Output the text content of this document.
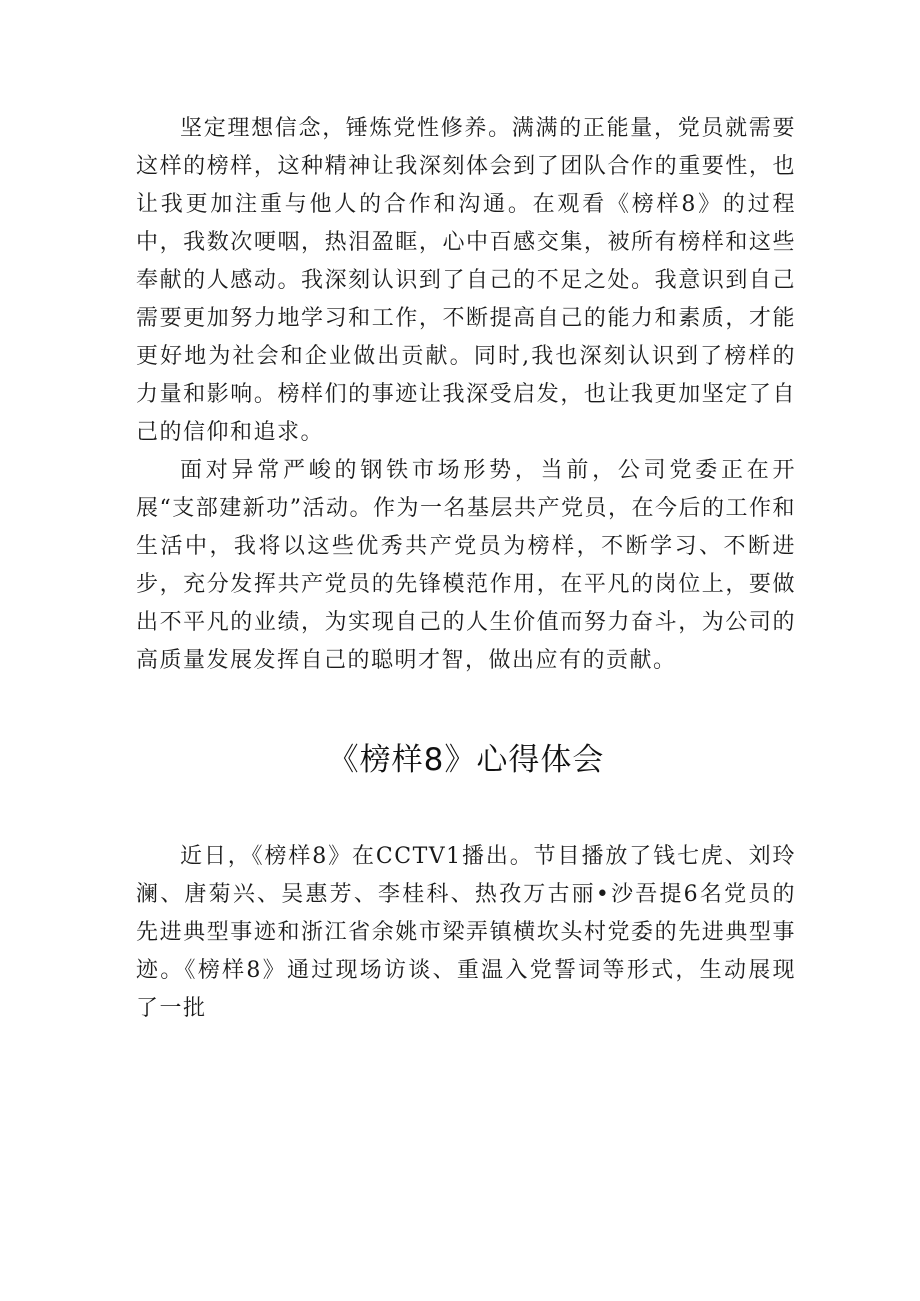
坚定理想信念，锤炼党性修养。满满的正能量，党员就需要这样的榜样，这种精神让我深刻体会到了团队合作的重要性，也让我更加注重与他人的合作和沟通。在观看《榜样8》的过程中，我数次哽咽，热泪盈眶，心中百感交集，被所有榜样和这些奉献的人感动。我深刻认识到了自己的不足之处。我意识到自己需要更加努力地学习和工作，不断提高自己的能力和素质，才能更好地为社会和企业做出贡献。同时,我也深刻认识到了榜样的力量和影响。榜样们的事迹让我深受启发，也让我更加坚定了自己的信仰和追求。

面对异常严峻的钢铁市场形势，当前，公司党委正在开展“支部建新功”活动。作为一名基层共产党员，在今后的工作和生活中，我将以这些优秀共产党员为榜样，不断学习、不断进步，充分发挥共产党员的先锋模范作用，在平凡的岗位上，要做出不平凡的业绩，为实现自己的人生价值而努力奋斗，为公司的高质量发展发挥自己的聪明才智，做出应有的贡献。

《榜样8》心得体会

近日，《榜样8》在CCTV1播出。节目播放了钱七虎、刘玲澜、唐菊兴、吴惠芳、李桂科、热孜万古丽•沙吾提6名党员的先进典型事迹和浙江省余姚市梁弄镇横坎头村党委的先进典型事迹。《榜样8》通过现场访谈、重温入党誓词等形式，生动展现了一批
